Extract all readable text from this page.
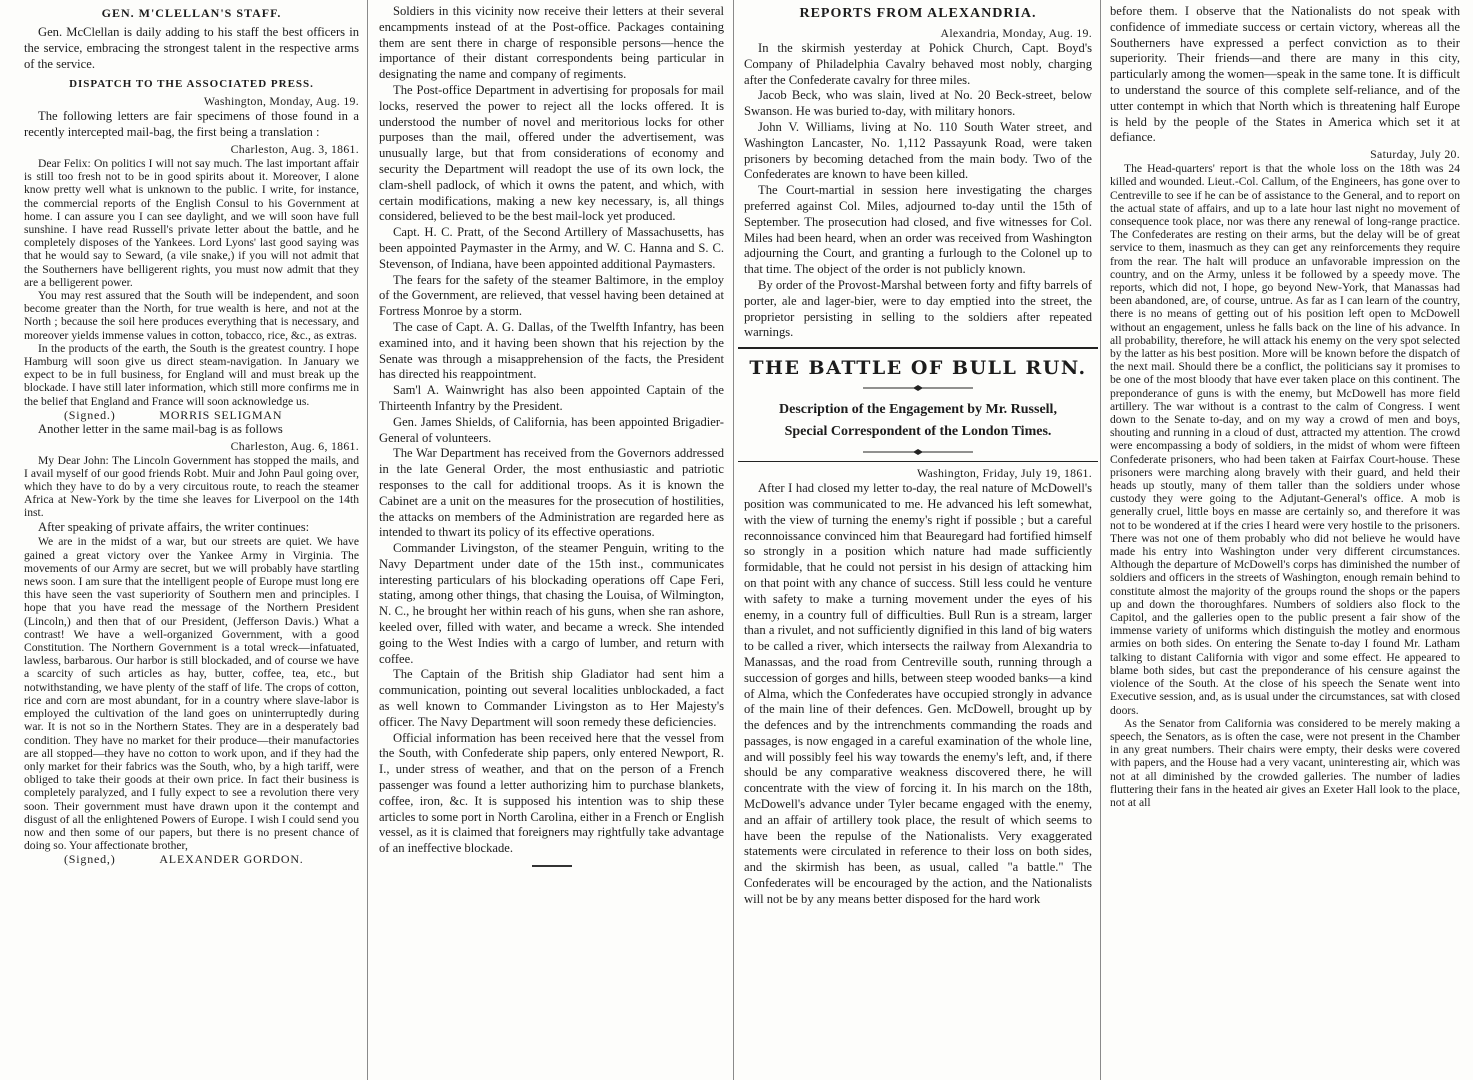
GEN. M'CLELLAN'S STAFF.

Gen. McClellan is daily adding to his staff the best officers in the service, embracing the strongest talent in the respective arms of the service.

DISPATCH TO THE ASSOCIATED PRESS.
Washington, Monday, Aug. 19.

The following letters are fair specimens of those found in a recently intercepted mail-bag, the first being a translation :

Charleston, Aug. 3, 1861.

Dear Felix: On politics I will not say much. The last important affair is still too fresh not to be in good spirits about it. Moreover, I alone know pretty well what is unknown to the public. I write, for instance, the commercial reports of the English Consul to his Government at home. I can assure you I can see daylight, and we will soon have full sunshine. I have read Russell's private letter about the battle, and he completely disposes of the Yankees. Lord Lyons' last good saying was that he would say to Seward, (a vile snake,) if you will not admit that the Southerners have belligerent rights, you must now admit that they are a belligerent power.

You may rest assured that the South will be independent, and soon become greater than the North, for true wealth is here, and not at the North ; because the soil here produces everything that is necessary, and moreover yields immense values in cotton, tobacco, rice, &c., as extras.

In the products of the earth, the South is the greatest country. I hope Hamburg will soon give us direct steam-navigation. In January we expect to be in full business, for England will and must break up the blockade. I have still later information, which still more confirms me in the belief that England and France will soon acknowledge us.

(Signed.)	MORRIS SELIGMAN

Another letter in the same mail-bag is as follows

Charleston, Aug. 6, 1861.

My Dear John: The Lincoln Government has stopped the mails, and I avail myself of our good friends Robt. Muir and John Paul going over, which they have to do by a very circuitous route, to reach the steamer Africa at New-York by the time she leaves for Liverpool on the 14th inst.

After speaking of private affairs, the writer continues:

We are in the midst of a war, but our streets are quiet. We have gained a great victory over the Yankee Army in Virginia. The movements of our Army are secret, but we will probably have startling news soon. I am sure that the intelligent people of Europe must long ere this have seen the vast superiority of Southern men and principles. I hope that you have read the message of the Northern President (Lincoln,) and then that of our President, (Jefferson Davis.) What a contrast! We have a well-organized Government, with a good Constitution. The Northern Government is a total wreck—infatuated, lawless, barbarous. Our harbor is still blockaded, and of course we have a scarcity of such articles as hay, butter, coffee, tea, etc., but notwithstanding, we have plenty of the staff of life. The crops of cotton, rice and corn are most abundant, for in a country where slave-labor is employed the cultivation of the land goes on uninterruptedly during war. It is not so in the Northern States. They are in a desperately bad condition. They have no market for their produce—their manufactories are all stopped—they have no cotton to work upon, and if they had the only market for their fabrics was the South, who, by a high tariff, were obliged to take their goods at their own price. In fact their business is completely paralyzed, and I fully expect to see a revolution there very soon. Their government must have drawn upon it the contempt and disgust of all the enlightened Powers of Europe. I wish I could send you now and then some of our papers, but there is no present chance of doing so. Your affectionate brother,

(Signed,)	ALEXANDER GORDON.

Soldiers in this vicinity now receive their letters at their several encampments instead of at the Post-office. Packages containing them are sent there in charge of responsible persons—hence the importance of their distant correspondents being particular in designating the name and company of regiments.

The Post-office Department in advertising for proposals for mail locks, reserved the power to reject all the locks offered. It is understood the number of novel and meritorious locks for other purposes than the mail, offered under the advertisement, was unusually large, but that from considerations of economy and security the Department will readopt the use of its own lock, the clam-shell padlock, of which it owns the patent, and which, with certain modifications, making a new key necessary, is, all things considered, believed to be the best mail-lock yet produced.

Capt. H. C. Pratt, of the Second Artillery of Massachusetts, has been appointed Paymaster in the Army, and W. C. Hanna and S. C. Stevenson, of Indiana, have been appointed additional Paymasters.

The fears for the safety of the steamer Baltimore, in the employ of the Government, are relieved, that vessel having been detained at Fortress Monroe by a storm.

The case of Capt. A. G. Dallas, of the Twelfth Infantry, has been examined into, and it having been shown that his rejection by the Senate was through a misapprehension of the facts, the President has directed his reappointment.

Sam'l A. Wainwright has also been appointed Captain of the Thirteenth Infantry by the President.

Gen. James Shields, of California, has been appointed Brigadier-General of volunteers.

The War Department has received from the Governors addressed in the late General Order, the most enthusiastic and patriotic responses to the call for additional troops. As it is known the Cabinet are a unit on the measures for the prosecution of hostilities, the attacks on members of the Administration are regarded here as intended to thwart its policy of its effective operations.

Commander Livingston, of the steamer Penguin, writing to the Navy Department under date of the 15th inst., communicates interesting particulars of his blockading operations off Cape Feri, stating, among other things, that chasing the Louisa, of Wilmington, N. C., he brought her within reach of his guns, when she ran ashore, keeled over, filled with water, and became a wreck. She intended going to the West Indies with a cargo of lumber, and return with coffee.

The Captain of the British ship Gladiator had sent him a communication, pointing out several localities unblockaded, a fact as well known to Commander Livingston as to Her Majesty's officer. The Navy Department will soon remedy these deficiencies.

Official information has been received here that the vessel from the South, with Confederate ship papers, only entered Newport, R. I., under stress of weather, and that on the person of a French passenger was found a letter authorizing him to purchase blankets, coffee, iron, &c. It is supposed his intention was to ship these articles to some port in North Carolina, either in a French or English vessel, as it is claimed that foreigners may rightfully take advantage of an ineffective blockade.

REPORTS FROM ALEXANDRIA.
Alexandria, Monday, Aug. 19.

In the skirmish yesterday at Pohick Church, Capt. Boyd's Company of Philadelphia Cavalry behaved most nobly, charging after the Confederate cavalry for three miles.

Jacob Beck, who was slain, lived at No. 20 Beck-street, below Swanson. He was buried to-day, with military honors.

John V. Williams, living at No. 110 South Water street, and Washington Lancaster, No. 1,112 Passayunk Road, were taken prisoners by becoming detached from the main body. Two of the Confederates are known to have been killed.

The Court-martial in session here investigating the charges preferred against Col. Miles, adjourned to-day until the 15th of September. The prosecution had closed, and five witnesses for Col. Miles had been heard, when an order was received from Washington adjourning the Court, and granting a furlough to the Colonel up to that time. The object of the order is not publicly known.

By order of the Provost-Marshal between forty and fifty barrels of porter, ale and lager-bier, were to day emptied into the street, the proprietor persisting in selling to the soldiers after repeated warnings.

THE BATTLE OF BULL RUN.

Description of the Engagement by Mr. Russell,

Special Correspondent of the London Times.

Washington, Friday, July 19, 1861.

After I had closed my letter to-day, the real nature of McDowell's position was communicated to me. He advanced his left somewhat, with the view of turning the enemy's right if possible ; but a careful reconnoissance convinced him that Beauregard had fortified himself so strongly in a position which nature had made sufficiently formidable, that he could not persist in his design of attacking him on that point with any chance of success. Still less could he venture with safety to make a turning movement under the eyes of his enemy, in a country full of difficulties. Bull Run is a stream, larger than a rivulet, and not sufficiently dignified in this land of big waters to be called a river, which intersects the railway from Alexandria to Manassas, and the road from Centreville south, running through a succession of gorges and hills, between steep wooded banks—a kind of Alma, which the Confederates have occupied strongly in advance of the main line of their defences. Gen. McDowell, brought up by the defences and by the intrenchments commanding the roads and passages, is now engaged in a careful examination of the whole line, and will possibly feel his way towards the enemy's left, and, if there should be any comparative weakness discovered there, he will concentrate with the view of forcing it. In his march on the 18th, McDowell's advance under Tyler became engaged with the enemy, and an affair of artillery took place, the result of which seems to have been the repulse of the Nationalists. Very exaggerated statements were circulated in reference to their loss on both sides, and the skirmish has been, as usual, called "a battle." The Confederates will be encouraged by the action, and the Nationalists will not be by any means better disposed for the hard work

before them. I observe that the Nationalists do not speak with confidence of immediate success or certain victory, whereas all the Southerners have expressed a perfect conviction as to their superiority. Their friends—and there are many in this city, particularly among the women—speak in the same tone. It is difficult to understand the source of this complete self-reliance, and of the utter contempt in which that North which is threatening half Europe is held by the people of the States in America which set it at defiance.

Saturday, July 20.

The Head-quarters' report is that the whole loss on the 18th was 24 killed and wounded. Lieut.-Col. Callum, of the Engineers, has gone over to Centreville to see if he can be of assistance to the General, and to report on the actual state of affairs, and up to a late hour last night no movement of consequence took place, nor was there any renewal of long-range practice. The Confederates are resting on their arms, but the delay will be of great service to them, inasmuch as they can get any reinforcements they require from the rear. The halt will produce an unfavorable impression on the country, and on the Army, unless it be followed by a speedy move. The reports, which did not, I hope, go beyond New-York, that Manassas had been abandoned, are, of course, untrue. As far as I can learn of the country, there is no means of getting out of his position left open to McDowell without an engagement, unless he falls back on the line of his advance. In all probability, therefore, he will attack his enemy on the very spot selected by the latter as his best position. More will be known before the dispatch of the next mail. Should there be a conflict, the politicians say it promises to be one of the most bloody that have ever taken place on this continent. The preponderance of guns is with the enemy, but McDowell has more field artillery. The war without is a contrast to the calm of Congress. I went down to the Senate to-day, and on my way a crowd of men and boys, shouting and running in a cloud of dust, attracted my attention. The crowd were encompassing a body of soldiers, in the midst of whom were fifteen Confederate prisoners, who had been taken at Fairfax Court-house. These prisoners were marching along bravely with their guard, and held their heads up stoutly, many of them taller than the soldiers under whose custody they were going to the Adjutant-General's office. A mob is generally cruel, little boys en masse are certainly so, and therefore it was not to be wondered at if the cries I heard were very hostile to the prisoners. There was not one of them probably who did not believe he would have made his entry into Washington under very different circumstances. Although the departure of McDowell's corps has diminished the number of soldiers and officers in the streets of Washington, enough remain behind to constitute almost the majority of the groups round the shops or the papers up and down the thoroughfares. Numbers of soldiers also flock to the Capitol, and the galleries open to the public present a fair show of the immense variety of uniforms which distinguish the motley and enormous armies on both sides. On entering the Senate to-day I found Mr. Latham talking to distant California with vigor and some effect. He appeared to blame both sides, but cast the preponderance of his censure against the violence of the South. At the close of his speech the Senate went into Executive session, and, as is usual under the circumstances, sat with closed doors.

As the Senator from California was considered to be merely making a speech, the Senators, as is often the case, were not present in the Chamber in any great numbers. Their chairs were empty, their desks were covered with papers, and the House had a very vacant, uninteresting air, which was not at all diminished by the crowded galleries. The number of ladies fluttering their fans in the heated air gives an Exeter Hall look to the place, not at all
